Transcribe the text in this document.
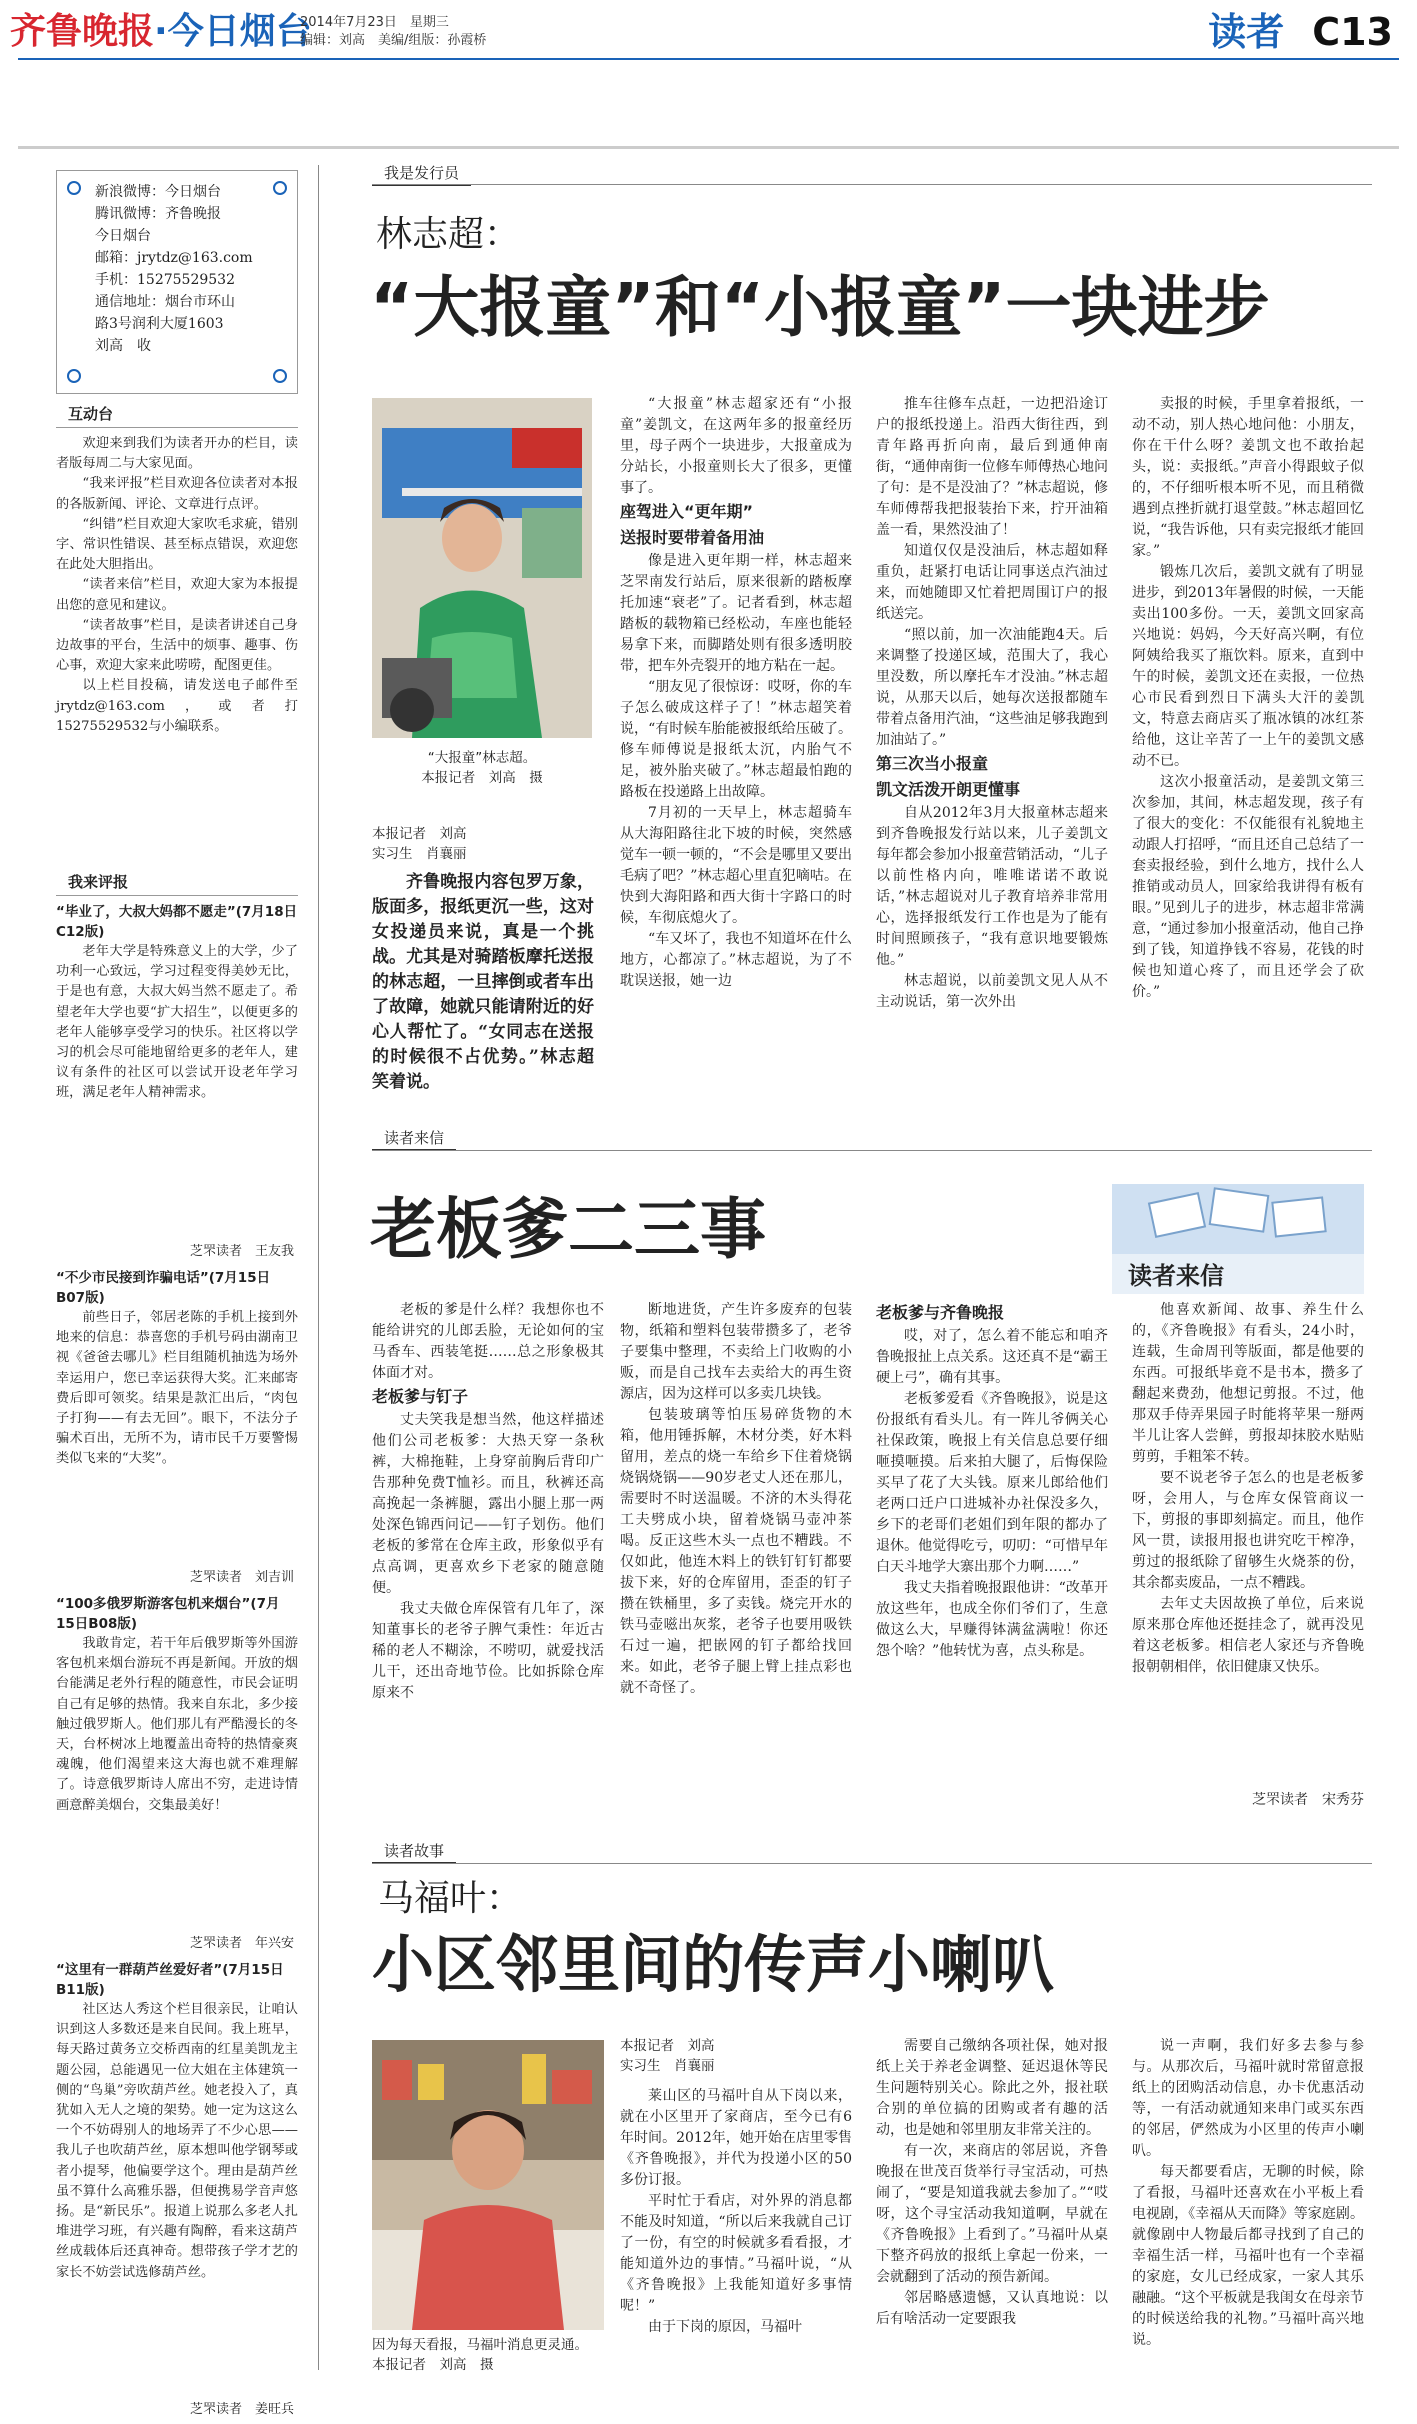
齐鲁晚报·今日烟台
2014年7月23日　星期三
编辑：刘高　美编/组版：孙霞桥	读者 C13

新浪微博：今日烟台

腾讯微博：齐鲁晚报

今日烟台

邮箱：jrytdz@163.com

手机：15275529532

通信地址：烟台市环山

路3号润利大厦1603

刘高　收

互动台

欢迎来到我们为读者开办的栏目，读者版每周二与大家见面。

“我来评报”栏目欢迎各位读者对本报的各版新闻、评论、文章进行点评。

“纠错”栏目欢迎大家吹毛求疵，错别字、常识性错误、甚至标点错误，欢迎您在此处大胆指出。

“读者来信”栏目，欢迎大家为本报提出您的意见和建议。

“读者故事”栏目，是读者讲述自己身边故事的平台，生活中的烦事、趣事、伤心事，欢迎大家来此唠唠，配图更佳。

以上栏目投稿，请发送电子邮件至jrytdz@163.com，或者打15275529532与小编联系。

我来评报
“毕业了，大叔大妈都不愿走”(7月18日C12版)

老年大学是特殊意义上的大学，少了功利一心致远，学习过程变得美妙无比，于是也有意，大叔大妈当然不愿走了。希望老年大学也要“扩大招生”，以便更多的老年人能够享受学习的快乐。社区将以学习的机会尽可能地留给更多的老年人，建议有条件的社区可以尝试开设老年学习班，满足老年人精神需求。

芝罘读者　王友我
“不少市民接到诈骗电话”(7月15日B07版)

前些日子，邻居老陈的手机上接到外地来的信息：恭喜您的手机号码由湖南卫视《爸爸去哪儿》栏目组随机抽选为场外幸运用户，您已幸运获得大奖。汇来邮寄费后即可领奖。结果是款汇出后，“肉包子打狗——有去无回”。眼下，不法分子骗术百出，无所不为，请市民千万要警惕类似飞来的“大奖”。

芝罘读者　刘吉训
“100多俄罗斯游客包机来烟台”(7月15日B08版)

我敢肯定，若干年后俄罗斯等外国游客包机来烟台游玩不再是新闻。开放的烟台能满足老外行程的随意性，市民会证明自己有足够的热情。我来自东北，多少接触过俄罗斯人。他们那儿有严酷漫长的冬天，台杯树冰上地覆盖出奇特的热情豪爽魂魄，他们渴望来这大海也就不难理解了。诗意俄罗斯诗人席出不穷，走进诗情画意醉美烟台，交集最美好！

芝罘读者　年兴安
“这里有一群葫芦丝爱好者”(7月15日B11版)

社区达人秀这个栏目很亲民，让咱认识到这人多数还是来自民间。我上班早，每天路过黄务立交桥西南的红星美凯龙主题公园，总能遇见一位大姐在主体建筑一侧的“鸟巢”旁吹葫芦丝。她老投入了，真犹如入无人之境的架势。她一定为这这么一个不妨碍别人的地场弄了不少心思——我儿子也吹葫芦丝，原本想叫他学钢琴或者小提琴，他偏要学这个。理由是葫芦丝虽不算什么高雅乐器，但便携易学音声悠扬。是“新民乐”。报道上说那么多老人扎堆进学习班，有兴趣有陶醉，看来这葫芦丝成载体后还真神奇。想带孩子学才艺的家长不妨尝试选修葫芦丝。

芝罘读者　姜旺兵
我是发行员
林志超：
“大报童”和“小报童”一块进步
“大报童”林志超。
本报记者　刘高　摄
本报记者　刘高
实习生　肖襄丽

齐鲁晚报内容包罗万象，版面多，报纸更沉一些，这对女投递员来说，真是一个挑战。尤其是对骑踏板摩托送报的林志超，一旦摔倒或者车出了故障，她就只能请附近的好心人帮忙了。“女同志在送报的时候很不占优势。”林志超笑着说。

“大报童”林志超家还有“小报童”姜凯文，在这两年多的报童经历里，母子两个一块进步，大报童成为分站长，小报童则长大了很多，更懂事了。

座驾进入“更年期”

送报时要带着备用油

像是进入更年期一样，林志超来芝罘南发行站后，原来很新的踏板摩托加速“衰老”了。记者看到，林志超踏板的载物箱已经松动，车座也能轻易拿下来，而脚踏处则有很多透明胶带，把车外壳裂开的地方粘在一起。

“朋友见了很惊讶：哎呀，你的车子怎么破成这样子了！”林志超笑着说，“有时候车胎能被报纸给压破了。修车师傅说是报纸太沉，内胎气不足，被外胎夹破了。”林志超最怕跑的路板在投递路上出故障。

7月初的一天早上，林志超骑车从大海阳路往北下坡的时候，突然感觉车一顿一顿的，“不会是哪里又要出毛病了吧？”林志超心里直犯嘀咕。在快到大海阳路和西大街十字路口的时候，车彻底熄火了。

“车又坏了，我也不知道坏在什么地方，心都凉了。”林志超说，为了不耽误送报，她一边

推车往修车点赶，一边把沿途订户的报纸投递上。沿西大街往西，到青年路再折向南，最后到通伸南街，“通伸南街一位修车师傅热心地问了句：是不是没油了？”林志超说，修车师傅帮我把报装抬下来，拧开油箱盖一看，果然没油了！

知道仅仅是没油后，林志超如释重负，赶紧打电话让同事送点汽油过来，而她随即又忙着把周围订户的报纸送完。

“照以前，加一次油能跑4天。后来调整了投递区域，范围大了，我心里没数，所以摩托车才没油。”林志超说，从那天以后，她每次送报都随车带着点备用汽油，“这些油足够我跑到加油站了。”

第三次当小报童

凯文活泼开朗更懂事

自从2012年3月大报童林志超来到齐鲁晚报发行站以来，儿子姜凯文每年都会参加小报童营销活动，“儿子以前性格内向，唯唯诺诺不敢说话，”林志超说对儿子教育培养非常用心，选择报纸发行工作也是为了能有时间照顾孩子，“我有意识地要锻炼他。”

林志超说，以前姜凯文见人从不主动说话，第一次外出

卖报的时候，手里拿着报纸，一动不动，别人热心地问他：小朋友，你在干什么呀？姜凯文也不敢抬起头，说：卖报纸。”声音小得跟蚊子似的，不仔细听根本听不见，而且稍微遇到点挫折就打退堂鼓。”林志超回忆说，“我告诉他，只有卖完报纸才能回家。”

锻炼几次后，姜凯文就有了明显进步，到2013年暑假的时候，一天能卖出100多份。一天，姜凯文回家高兴地说：妈妈，今天好高兴啊，有位阿姨给我买了瓶饮料。原来，直到中午的时候，姜凯文还在卖报，一位热心市民看到烈日下满头大汗的姜凯文，特意去商店买了瓶冰镇的冰红茶给他，这让辛苦了一上午的姜凯文感动不已。

这次小报童活动，是姜凯文第三次参加，其间，林志超发现，孩子有了很大的变化：不仅能很有礼貌地主动跟人打招呼，“而且还自己总结了一套卖报经验，到什么地方，找什么人推销或动员人，回家给我讲得有板有眼。”见到儿子的进步，林志超非常满意，“通过参加小报童活动，他自己挣到了钱，知道挣钱不容易，花钱的时候也知道心疼了，而且还学会了砍价。”

读者来信
老板爹二三事
读者来信

老板的爹是什么样？我想你也不能给讲究的儿郎丢脸，无论如何的宝马香车、西装笔挺……总之形象极其体面才对。

老板爹与钉子

丈夫笑我是想当然，他这样描述他们公司老板爹：大热天穿一条秋裤，大棉拖鞋，上身穿前胸后背印广告那种免费T恤衫。而且，秋裤还高高挽起一条裤腿，露出小腿上那一两处深色锦西问记——钉子划伤。他们老板的爹常在仓库主政，形象似乎有点高调，更喜欢乡下老家的随意随便。

我丈夫做仓库保管有几年了，深知董事长的老爷子脾气秉性：年近古稀的老人不糊涂，不唠叨，就爱找活儿干，还出奇地节俭。比如拆除仓库原来不

断地进货，产生许多废弃的包装物，纸箱和塑料包装带攒多了，老爷子要集中整理，不卖给上门收购的小贩，而是自己找车去卖给大的再生资源店，因为这样可以多卖几块钱。

包装玻璃等怕压易碎货物的木箱，他用锤拆解，木材分类，好木料留用，差点的烧一车给乡下住着烧锅烧锅烧锅——90岁老丈人还在那儿，需要时不时送温暖。不济的木头得花工夫劈成小块，留着烧锅马壶冲茶喝。反正这些木头一点也不糟践。不仅如此，他连木料上的铁钉钉钉都要拔下来，好的仓库留用，歪歪的钉子攒在铁桶里，多了卖钱。烧完开水的铁马壶嗞出灰浆，老爷子也要用吸铁石过一遍，把嵌网的钉子都给找回来。如此，老爷子腿上臂上挂点彩也就不奇怪了。

老板爹与齐鲁晚报

哎，对了，怎么着不能忘和咱齐鲁晚报扯上点关系。这还真不是“霸王硬上弓”，确有其事。

老板爹爱看《齐鲁晚报》，说是这份报纸有看头儿。有一阵儿爷俩关心社保政策，晚报上有关信息总要仔细咂摸咂摸。后来拍大腿了，后悔保险买早了花了大头钱。原来儿郎给他们老两口迁户口进城补办社保没多久，乡下的老哥们老姐们到年限的都办了退休。他觉得吃亏，叨叨：“可惜早年白天斗地学大寨出那个力啊……”

我丈夫指着晚报跟他讲：“改革开放这些年，也成全你们爷们了，生意做这么大，早赚得钵满盆满啦！你还怨个啥？”他转忧为喜，点头称是。

他喜欢新闻、故事、养生什么的，《齐鲁晚报》有看头，24小时，连载，生命周刊等版面，都是他要的东西。可报纸毕竟不是书本，攒多了翻起来费劲，他想记剪报。不过，他那双手侍弄果园子时能将苹果一掰两半儿让客人尝鲜，剪报却抹胶水贴贴剪剪，手粗笨不转。

要不说老爷子怎么的也是老板爹呀，会用人，与仓库女保管商议一下，剪报的事即刻搞定。而且，他作风一贯，读报用报也讲究吃干榨净，剪过的报纸除了留够生火烧茶的份，其余都卖废品，一点不糟践。

去年丈夫因故换了单位，后来说原来那仓库他还挺挂念了，就再没见着这老板爹。相信老人家还与齐鲁晚报朝朝相伴，依旧健康又快乐。

芝罘读者　宋秀芬
读者故事
马福叶：
小区邻里间的传声小喇叭
因为每天看报，马福叶消息更灵通。　本报记者　刘高　摄
本报记者　刘高
实习生　肖襄丽

莱山区的马福叶自从下岗以来，就在小区里开了家商店，至今已有6年时间。2012年，她开始在店里零售《齐鲁晚报》，并代为投递小区的50多份订报。

平时忙于看店，对外界的消息都不能及时知道，“所以后来我就自己订了一份，有空的时候就多看看报，才能知道外边的事情。”马福叶说，“从《齐鲁晚报》上我能知道好多事情呢！”

由于下岗的原因，马福叶

需要自己缴纳各项社保，她对报纸上关于养老金调整、延迟退休等民生问题特别关心。除此之外，报社联合别的单位搞的团购或者有趣的活动，也是她和邻里朋友非常关注的。

有一次，来商店的邻居说，齐鲁晚报在世茂百货举行寻宝活动，可热闹了，“要是知道我就去参加了。”“哎呀，这个寻宝活动我知道啊，早就在《齐鲁晚报》上看到了。”马福叶从桌下整齐码放的报纸上拿起一份来，一会就翻到了活动的预告新闻。

邻居略感遗憾，又认真地说：以后有啥活动一定要跟我

说一声啊，我们好多去参与参与。从那次后，马福叶就时常留意报纸上的团购活动信息，办卡优惠活动等，一有活动就通知来串门或买东西的邻居，俨然成为小区里的传声小喇叭。

每天都要看店，无聊的时候，除了看报，马福叶还喜欢在小平板上看电视剧，《幸福从天而降》等家庭剧。就像剧中人物最后都寻找到了自己的幸福生活一样，马福叶也有一个幸福的家庭，女儿已经成家，一家人其乐融融。“这个平板就是我闺女在母亲节的时候送给我的礼物。”马福叶高兴地说。
